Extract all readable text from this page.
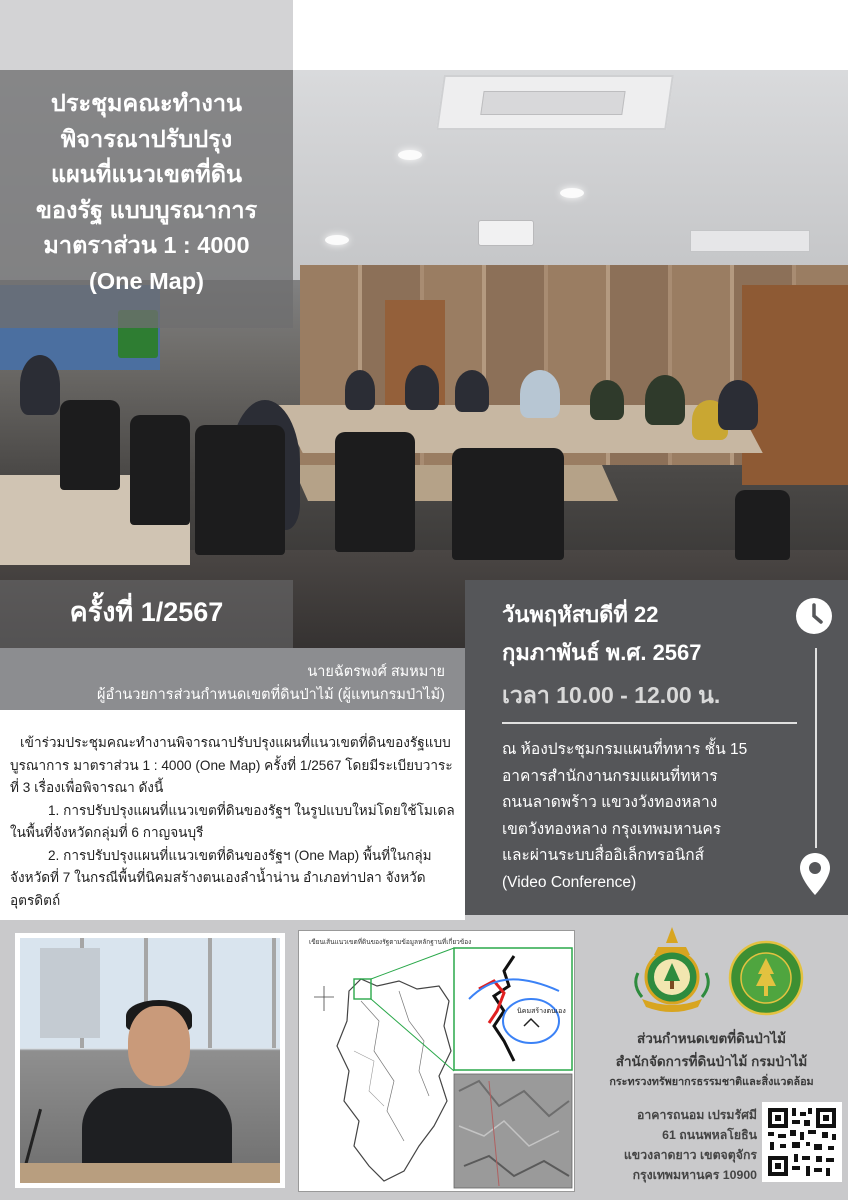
ประชุมคณะทำงาน
พิจารณาปรับปรุง
แผนที่แนวเขตที่ดิน
ของรัฐ แบบบูรณาการ
มาตราส่วน 1 : 4000
(One Map)
ครั้งที่ 1/2567
นายฉัตรพงศ์ สมหมาย
ผู้อำนวยการส่วนกำหนดเขตที่ดินป่าไม้ (ผู้แทนกรมป่าไม้)

เข้าร่วมประชุมคณะทำงานพิจารณาปรับปรุงแผนที่แนวเขตที่ดินของรัฐแบบบูรณาการ มาตราส่วน 1 : 4000 (One Map) ครั้งที่ 1/2567 โดยมีระเบียบวาระที่ 3 เรื่องเพื่อพิจารณา ดังนี้

1. การปรับปรุงแผนที่แนวเขตที่ดินของรัฐฯ ในรูปแบบใหม่โดยใช้โมเดลในพื้นที่จังหวัดกลุ่มที่ 6 กาญจนบุรี

2. การปรับปรุงแผนที่แนวเขตที่ดินของรัฐฯ (One Map) พื้นที่ในกลุ่มจังหวัดที่ 7 ในกรณีพื้นที่นิคมสร้างตนเองลำน้ำน่าน อำเภอท่าปลา จังหวัดอุตรดิตถ์

วันพฤหัสบดีที่ 22
กุมภาพันธ์ พ.ศ. 2567
เวลา 10.00 - 12.00 น.
ณ ห้องประชุมกรมแผนที่ทหาร ชั้น 15
อาคารสำนักงานกรมแผนที่ทหาร
ถนนลาดพร้าว แขวงวังทองหลาง
เขตวังทองหลาง กรุงเทพมหานคร
และผ่านระบบสื่ออิเล็กทรอนิกส์
(Video Conference)
เขียนเส้นแนวเขตที่ดินของรัฐตามข้อมูลหลักฐานที่เกี่ยวข้อง
นิคมสร้างตนเอง
ส่วนกำหนดเขตที่ดินป่าไม้
สำนักจัดการที่ดินป่าไม้ กรมป่าไม้
กระทรวงทรัพยากรธรรมชาติและสิ่งแวดล้อม
อาคารถนอม เปรมรัศมี
61 ถนนพหลโยธิน
แขวงลาดยาว เขตจตุจักร
กรุงเทพมหานคร 10900
